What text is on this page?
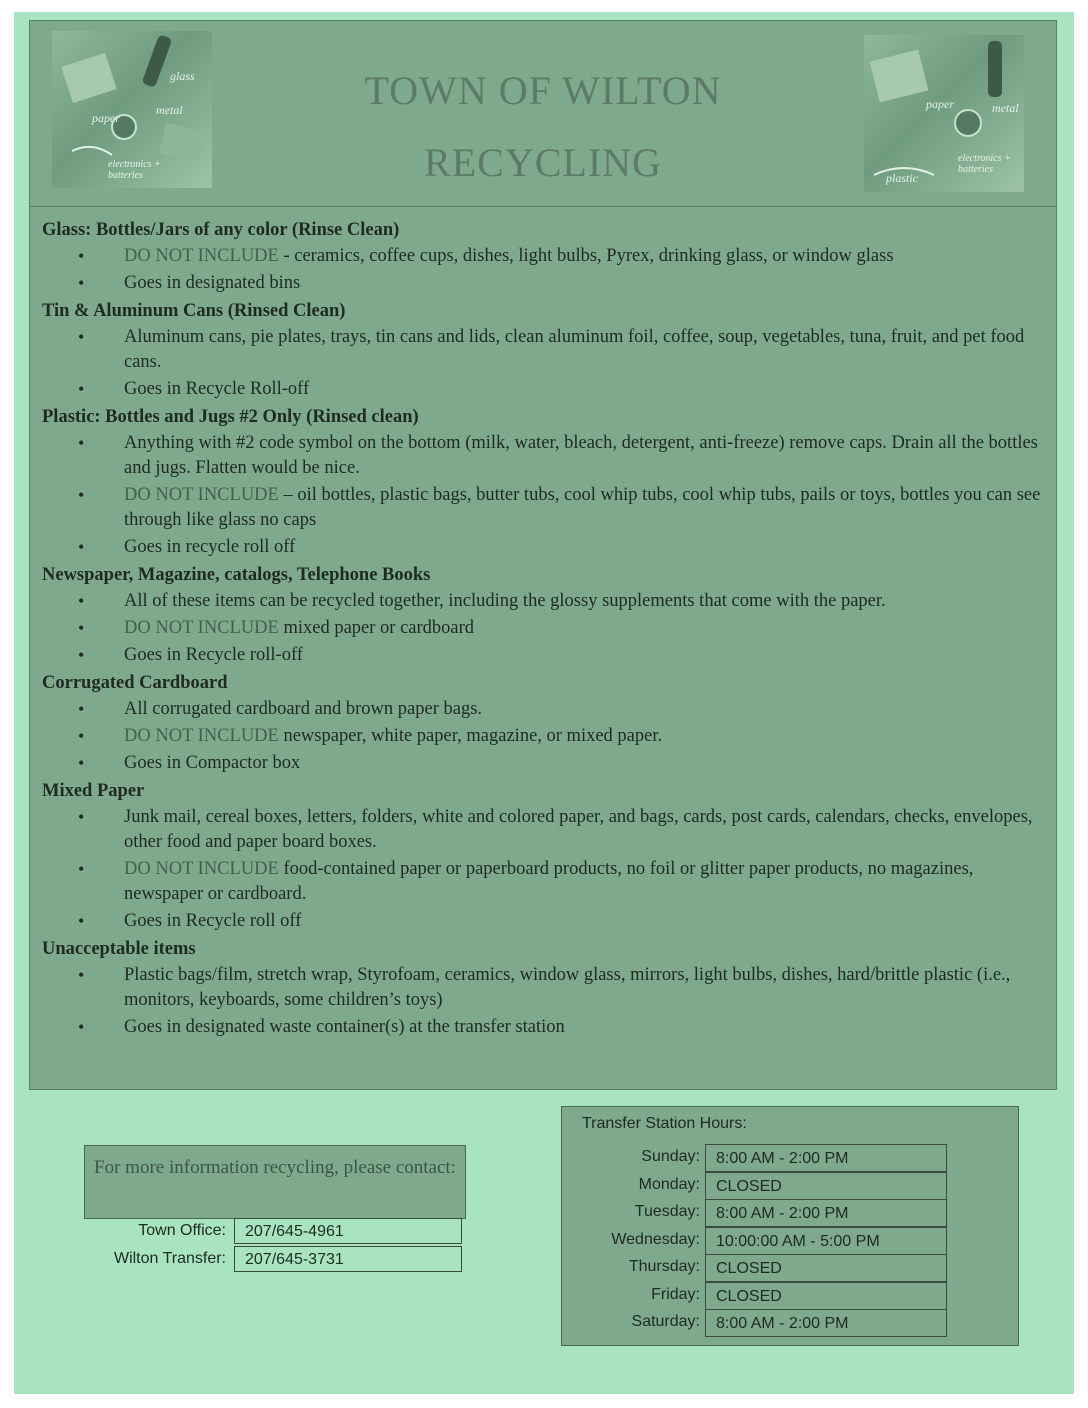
glass
paper
metal
electronics + batteries
TOWN OF WILTON
RECYCLING
paper	metal
plastic
electronics + batteries
Glass: Bottles/Jars of any color (Rinse Clean)
• DO NOT INCLUDE - ceramics, coffee cups, dishes, light bulbs, Pyrex, drinking glass, or window glass
• Goes in designated bins
Tin & Aluminum Cans (Rinsed Clean)
• Aluminum cans, pie plates, trays, tin cans and lids, clean aluminum foil, coffee, soup, vegetables, tuna, fruit, and pet food cans.
• Goes in Recycle Roll-off
Plastic: Bottles and Jugs #2 Only (Rinsed clean)
• Anything with #2 code symbol on the bottom (milk, water, bleach, detergent, anti-freeze) remove caps. Drain all the bottles and jugs. Flatten would be nice.
• DO NOT INCLUDE – oil bottles, plastic bags, butter tubs, cool whip tubs, cool whip tubs, pails or toys, bottles you can see through like glass no caps
• Goes in recycle roll off
Newspaper, Magazine, catalogs, Telephone Books
• All of these items can be recycled together, including the glossy supplements that come with the paper.
• DO NOT INCLUDE mixed paper or cardboard
• Goes in Recycle roll-off
Corrugated Cardboard
• All corrugated cardboard and brown paper bags.
• DO NOT INCLUDE newspaper, white paper, magazine, or mixed paper.
• Goes in Compactor box
Mixed Paper
• Junk mail, cereal boxes, letters, folders, white and colored paper, and bags, cards, post cards, calendars, checks, envelopes, other food and paper board boxes.
• DO NOT INCLUDE food-contained paper or paperboard products, no foil or glitter paper products, no magazines, newspaper or cardboard.
• Goes in Recycle roll off
Unacceptable items
• Plastic bags/film, stretch wrap, Styrofoam, ceramics, window glass, mirrors, light bulbs, dishes, hard/brittle plastic (i.e., monitors, keyboards, some children’s toys)
• Goes in designated waste container(s) at the transfer station
For more information recycling, please contact:
Town Office:	207/645-4961
Wilton Transfer:	207/645-3731
Transfer Station Hours:
Sunday:	8:00 AM - 2:00 PM
Monday:	CLOSED
Tuesday:	8:00 AM - 2:00 PM
Wednesday:	10:00:00 AM - 5:00 PM
Thursday:	CLOSED
Friday:	CLOSED
Saturday:	8:00 AM - 2:00 PM
